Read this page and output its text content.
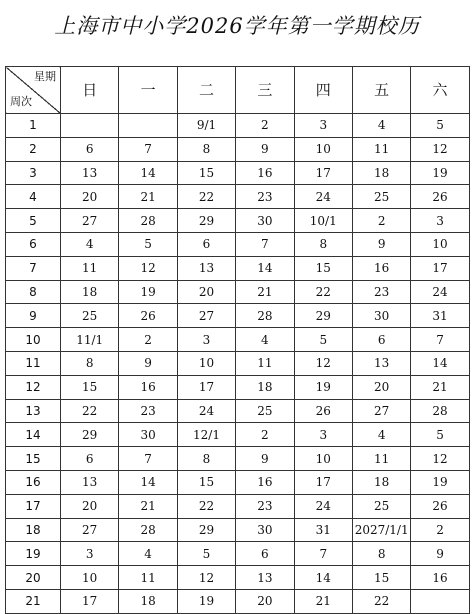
上海市中小学2026学年第一学期校历
星期
周次	日	一	二	三	四	五	六
1			9/1	2	3	4	5
2	6	7	8	9	10	11	12
3	13	14	15	16	17	18	19
4	20	21	22	23	24	25	26
5	27	28	29	30	10/1	2	3
6	4	5	6	7	8	9	10
7	11	12	13	14	15	16	17
8	18	19	20	21	22	23	24
9	25	26	27	28	29	30	31
10	11/1	2	3	4	5	6	7
11	8	9	10	11	12	13	14
12	15	16	17	18	19	20	21
13	22	23	24	25	26	27	28
14	29	30	12/1	2	3	4	5
15	6	7	8	9	10	11	12
16	13	14	15	16	17	18	19
17	20	21	22	23	24	25	26
18	27	28	29	30	31	2027/1/1	2
19	3	4	5	6	7	8	9
20	10	11	12	13	14	15	16
21	17	18	19	20	21	22	
